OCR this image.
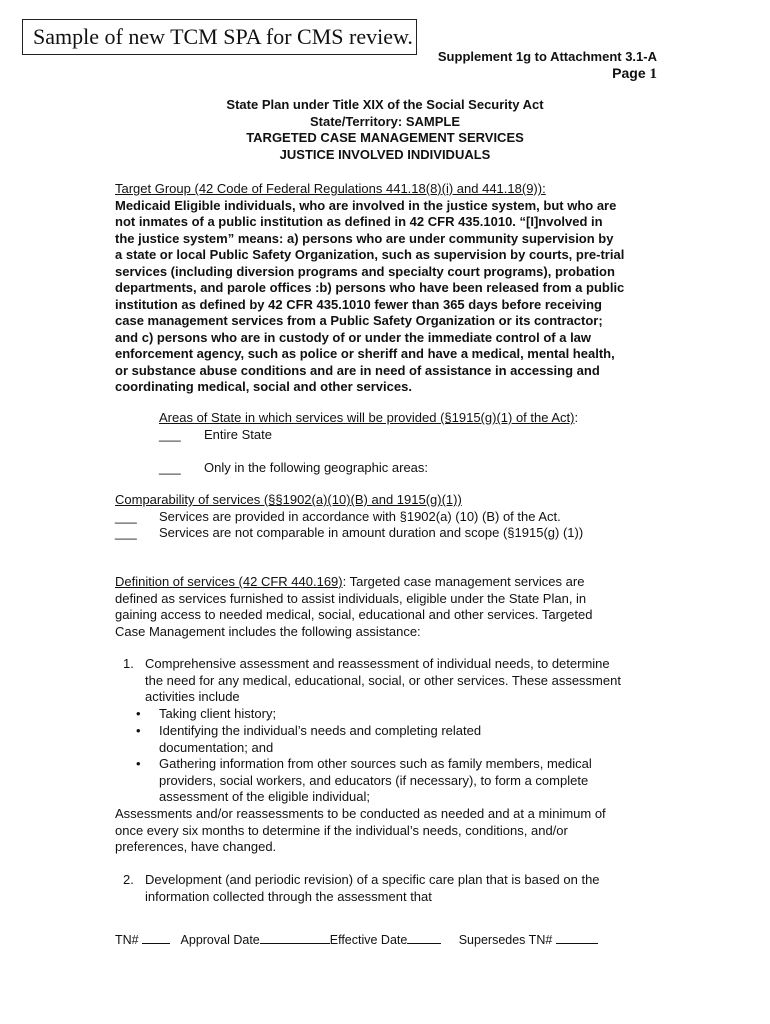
Sample of new TCM SPA for CMS review.
Supplement 1g to Attachment 3.1-A
Page 1
State Plan under Title XIX of the Social Security Act
State/Territory: SAMPLE
TARGETED CASE MANAGEMENT SERVICES
JUSTICE INVOLVED INDIVIDUALS
Target Group (42 Code of Federal Regulations 441.18(8)(i) and 441.18(9)):
Medicaid Eligible individuals, who are involved in the justice system, but who are
not inmates of a public institution as defined in 42 CFR 435.1010. “[I]nvolved in
the justice system” means: a) persons who are under community supervision by
a state or local Public Safety Organization, such as supervision by courts, pre-trial
services (including diversion programs and specialty court programs), probation
departments, and parole offices :b) persons who have been released from a public
institution as defined by 42 CFR 435.1010 fewer than 365 days before receiving
case management services from a Public Safety Organization or its contractor;
and c) persons who are in custody of or under the immediate control of a law
enforcement agency, such as police or sheriff and have a medical, mental health,
or substance abuse conditions and are in need of assistance in accessing and
coordinating medical, social and other services.
Areas of State in which services will be provided (§1915(g)(1) of the Act):
___ Entire State
___ Only in the following geographic areas:
Comparability of services (§§1902(a)(10)(B) and 1915(g)(1))
___ Services are provided in accordance with §1902(a) (10) (B) of the Act.
___ Services are not comparable in amount duration and scope (§1915(g) (1))
Definition of services (42 CFR 440.169): Targeted case management services are
defined as services furnished to assist individuals, eligible under the State Plan, in
gaining access to needed medical, social, educational and other services. Targeted
Case Management includes the following assistance:
1. Comprehensive assessment and reassessment of individual needs, to determine
the need for any medical, educational, social, or other services. These assessment
activities include
• Taking client history;
• Identifying the individual’s needs and completing related
documentation; and
• Gathering information from other sources such as family members, medical
providers, social workers, and educators (if necessary), to form a complete
assessment of the eligible individual;
Assessments and/or reassessments to be conducted as needed and at a minimum of
once every six months to determine if the individual’s needs, conditions, and/or
preferences, have changed.
2. Development (and periodic revision) of a specific care plan that is based on the
information collected through the assessment that
TN#	Approval Date	Effective Date	Supersedes TN#
